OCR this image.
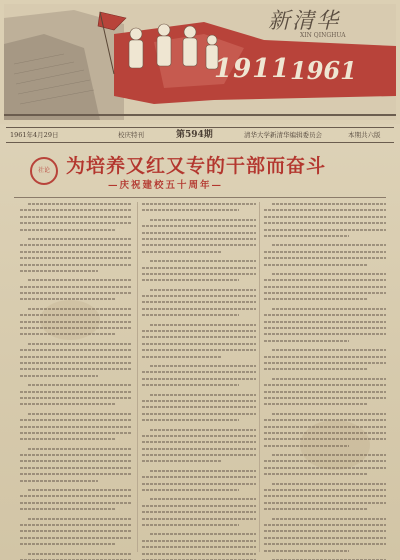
新清华
XIN QINGHUA
1911 1961
1961年4月29日	校庆特刊	第594期	清华大学新清华编辑委员会	本期共六版
社论 为培养又红又专的干部而奋斗
—庆祝建校五十周年—
